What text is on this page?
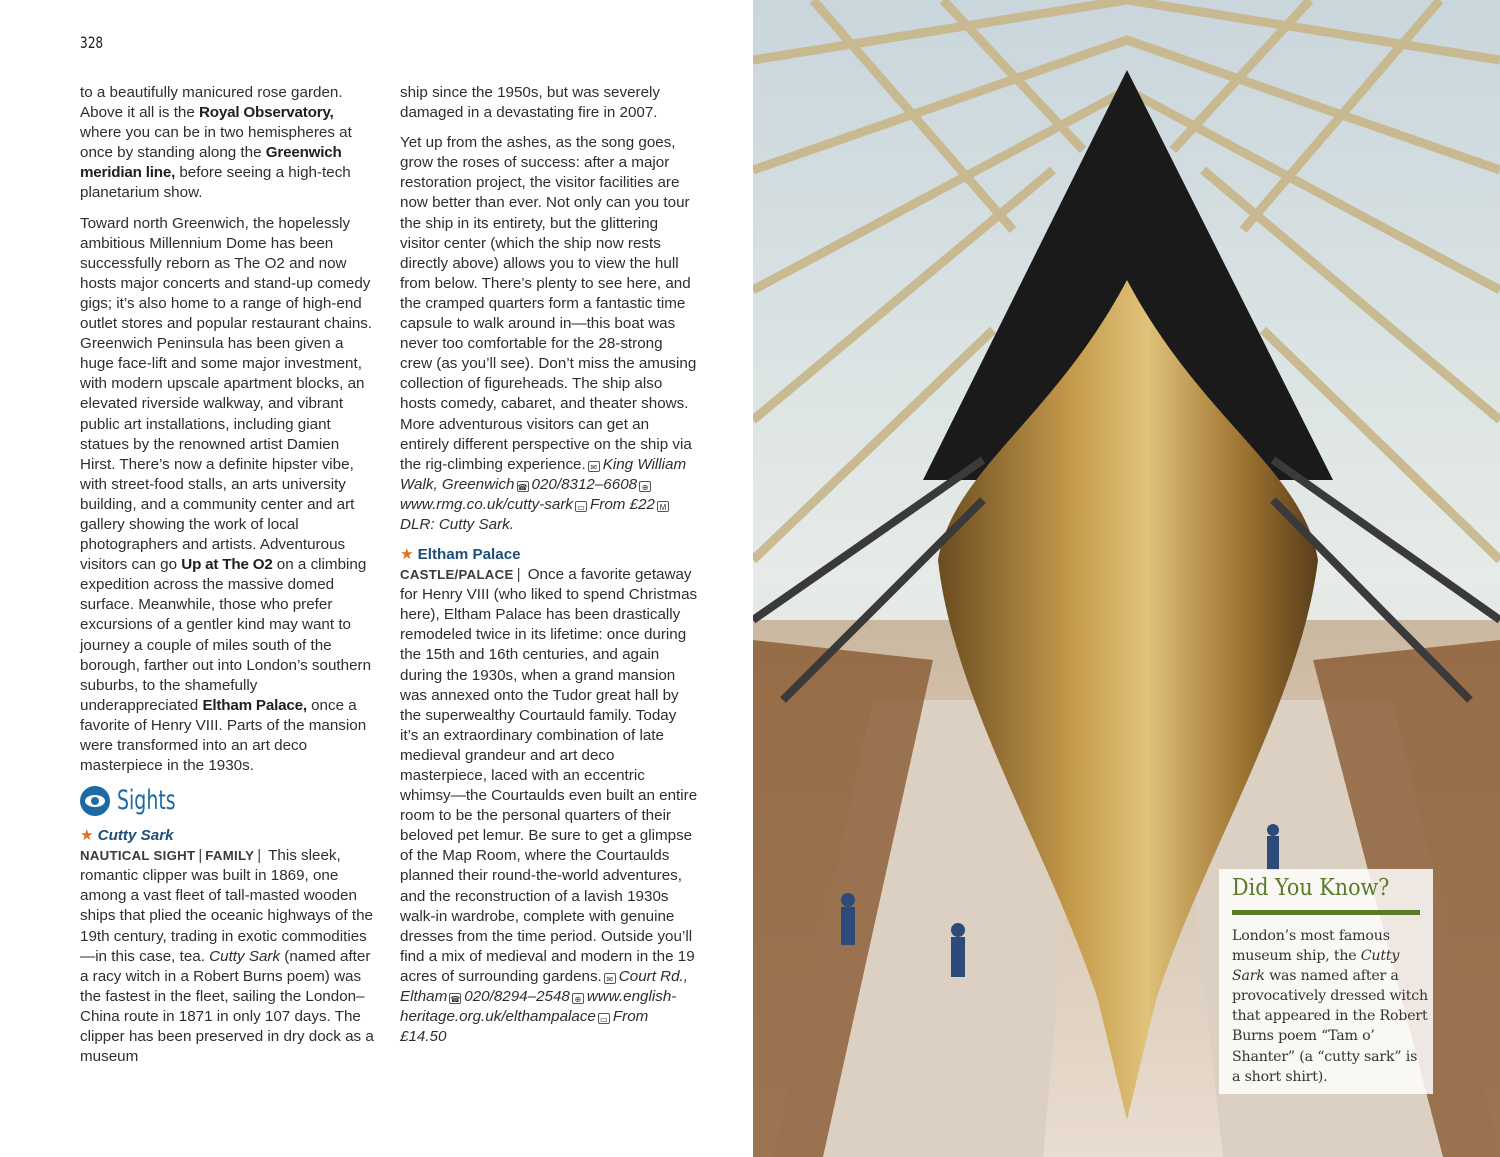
328

to a beautifully manicured rose garden. Above it all is the Royal Observatory, where you can be in two hemispheres at once by standing along the Greenwich meridian line, before seeing a high-tech planetarium show.

Toward north Greenwich, the hopelessly ambitious Millennium Dome has been successfully reborn as The O2 and now hosts major concerts and stand-up comedy gigs; it’s also home to a range of high-end outlet stores and popular restaurant chains. Greenwich Peninsula has been given a huge face-lift and some major investment, with modern upscale apartment blocks, an elevated riverside walkway, and vibrant public art installations, including giant statues by the renowned artist Damien Hirst. There’s now a definite hipster vibe, with street-food stalls, an arts university building, and a community center and art gallery showing the work of local photographers and artists. Adventurous visitors can go Up at The O2 on a climbing expedition across the massive domed surface. Meanwhile, those who prefer excursions of a gentler kind may want to journey a couple of miles south of the borough, farther out into London’s southern suburbs, to the shamefully underappreciated Eltham Palace, once a favorite of Henry VIII. Parts of the mansion were transformed into an art deco masterpiece in the 1930s.

Sights
★ Cutty Sark

NAUTICAL SIGHT | FAMILY | This sleek, romantic clipper was built in 1869, one among a vast fleet of tall-masted wooden ships that plied the oceanic highways of the 19th century, trading in exotic commodities—in this case, tea. Cutty Sark (named after a racy witch in a Robert Burns poem) was the fastest in the fleet, sailing the London–China route in 1871 in only 107 days. The clipper has been preserved in dry dock as a museum

ship since the 1950s, but was severely damaged in a devastating fire in 2007.

Yet up from the ashes, as the song goes, grow the roses of success: after a major restoration project, the visitor facilities are now better than ever. Not only can you tour the ship in its entirety, but the glittering visitor center (which the ship now rests directly above) allows you to view the hull from below. There’s plenty to see here, and the cramped quarters form a fantastic time capsule to walk around in—this boat was never too comfortable for the 28-strong crew (as you’ll see). Don’t miss the amusing collection of figureheads. The ship also hosts comedy, cabaret, and theater shows. More adventurous visitors can get an entirely different perspective on the ship via the rig-climbing experience. ✉ King William Walk, Greenwich ☎ 020/8312–6608 ⊕www.rmg.co.uk/cutty-sark ▭ From £22 MDLR: Cutty Sark.

★ Eltham Palace

CASTLE/PALACE | Once a favorite getaway for Henry VIII (who liked to spend Christmas here), Eltham Palace has been drastically remodeled twice in its lifetime: once during the 15th and 16th centuries, and again during the 1930s, when a grand mansion was annexed onto the Tudor great hall by the superwealthy Courtauld family. Today it’s an extraordinary combination of late medieval grandeur and art deco masterpiece, laced with an eccentric whimsy—the Courtaulds even built an entire room to be the personal quarters of their beloved pet lemur. Be sure to get a glimpse of the Map Room, where the Courtaulds planned their round-the-world adventures, and the reconstruction of a lavish 1930s walk-in wardrobe, complete with genuine dresses from the time period. Outside you’ll find a mix of medieval and modern in the 19 acres of surrounding gardens. ✉ Court Rd., Eltham ☎ 020/8294–2548 ⊕ www.english-heritage.org.uk/elthampalace ▭ From £14.50

Did You Know?
London’s most famous museum ship, the Cutty Sark was named after a provocatively dressed witch that appeared in the Robert Burns poem “Tam o’ Shanter” (a “cutty sark” is a short shirt).
